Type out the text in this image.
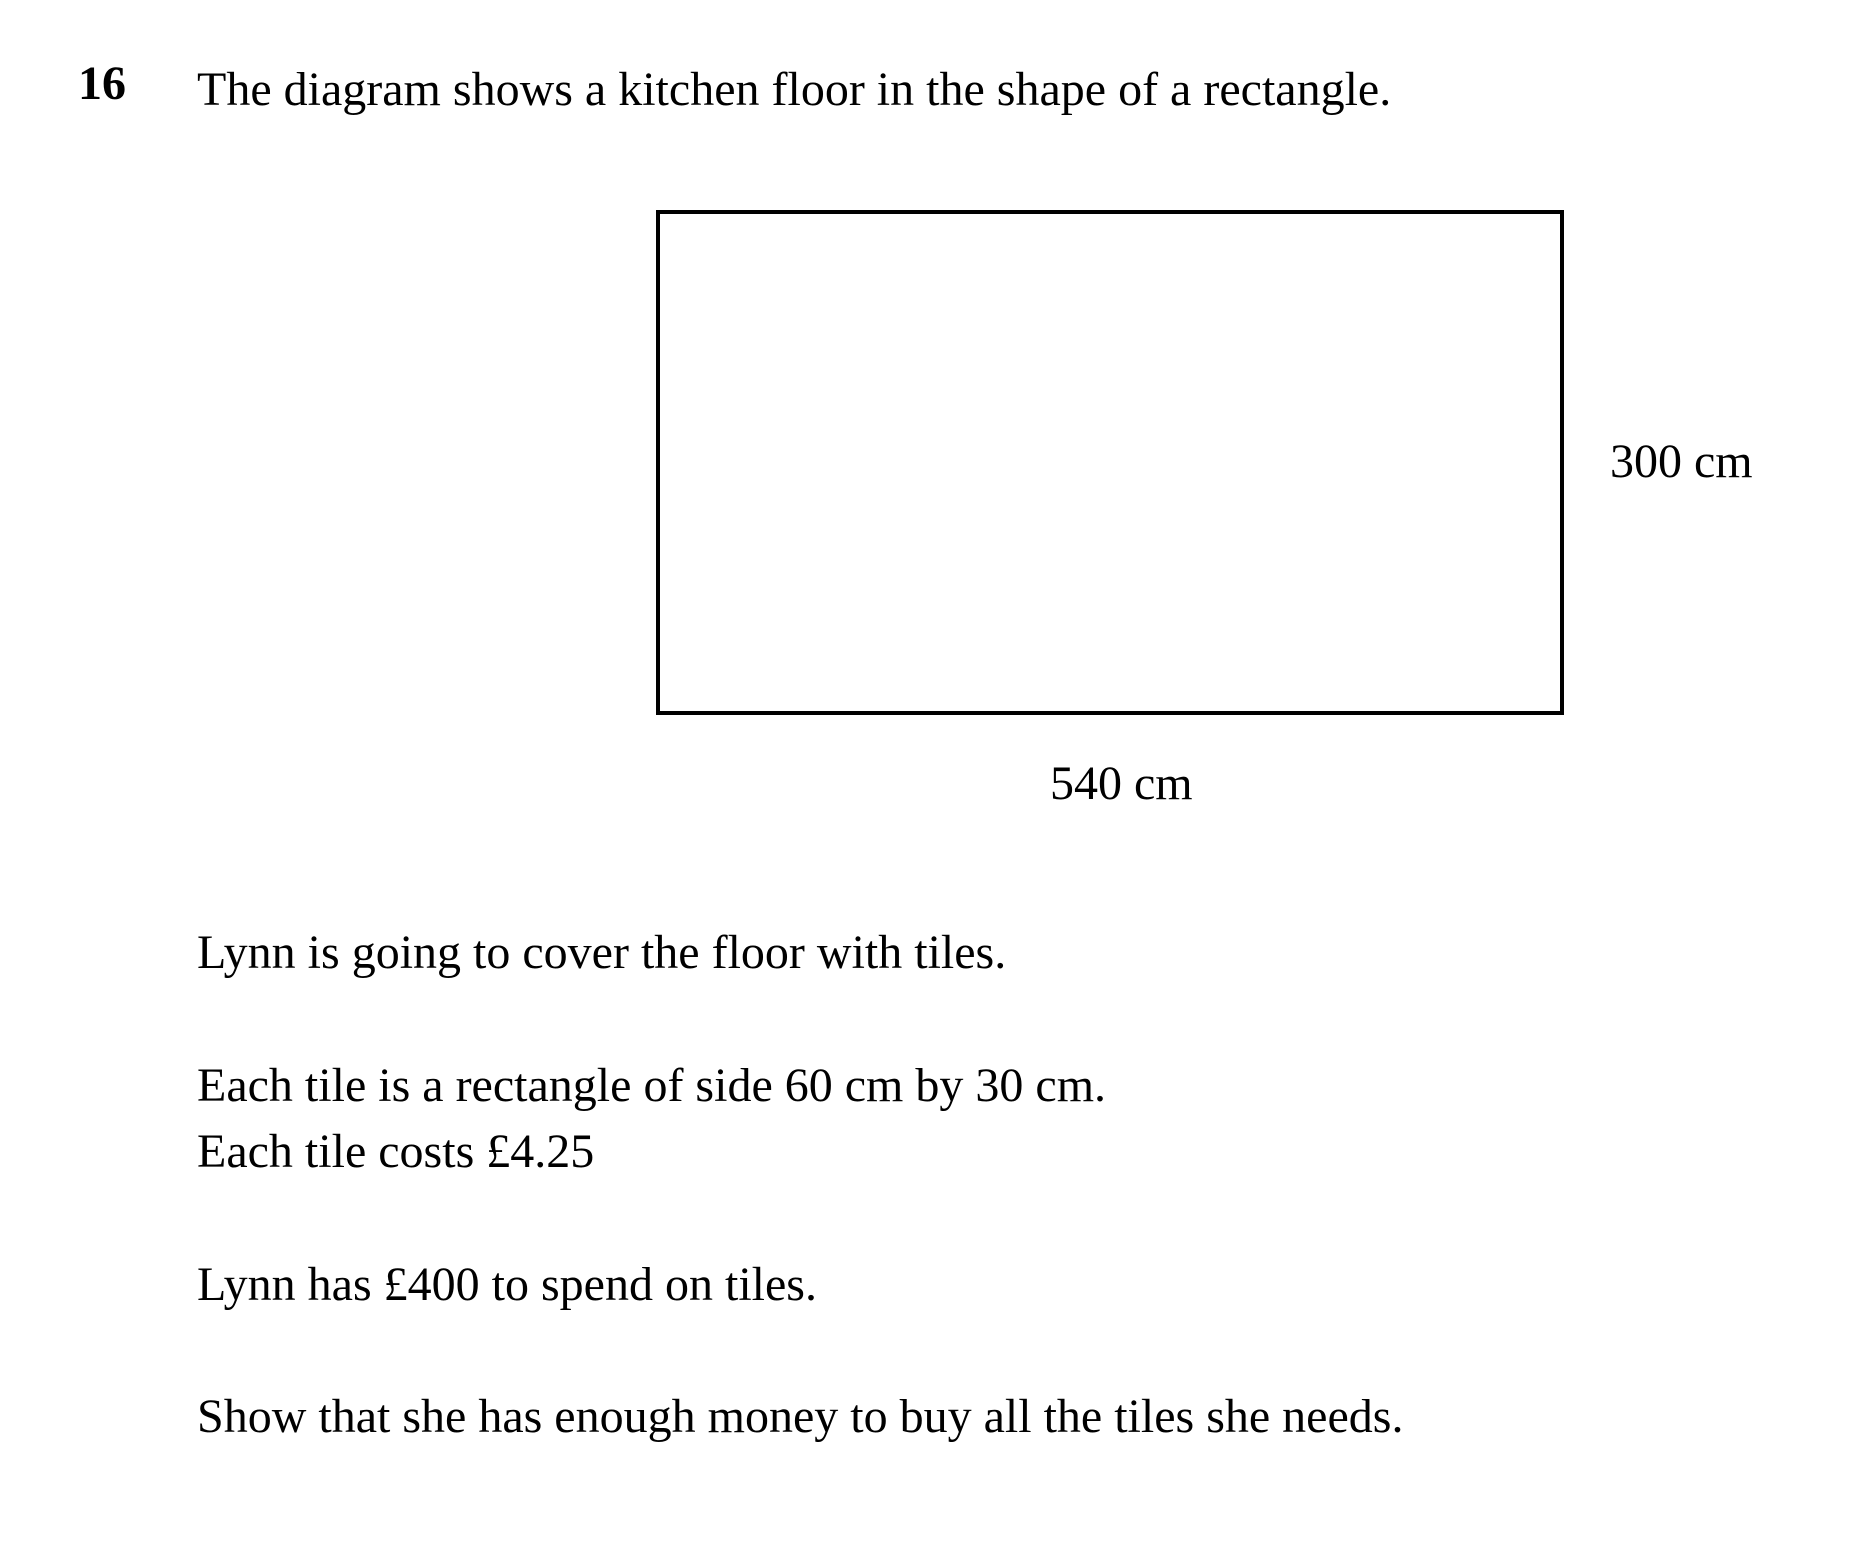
16 The diagram shows a kitchen floor in the shape of a rectangle.
300 cm
540 cm
Lynn is going to cover the floor with tiles.
Each tile is a rectangle of side 60 cm by 30 cm.
Each tile costs £4.25
Lynn has £400 to spend on tiles.
Show that she has enough money to buy all the tiles she needs.
